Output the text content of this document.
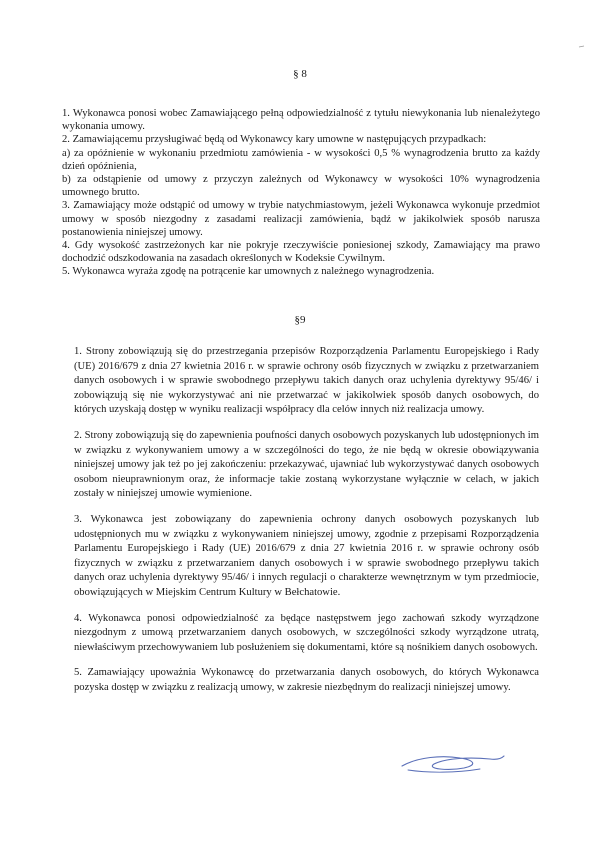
§ 8

1. Wykonawca ponosi wobec Zamawiającego pełną odpowiedzialność z tytułu niewykonania lub nienależytego wykonania umowy.

2. Zamawiającemu przysługiwać będą od Wykonawcy kary umowne w następujących przypadkach:

a) za opóźnienie w wykonaniu przedmiotu zamówienia - w wysokości 0,5 % wynagrodzenia brutto za każdy dzień opóźnienia,

b) za odstąpienie od umowy z przyczyn zależnych od Wykonawcy w wysokości 10% wynagrodzenia umownego brutto.

3. Zamawiający może odstąpić od umowy w trybie natychmiastowym, jeżeli Wykonawca wykonuje przedmiot umowy w sposób niezgodny z zasadami realizacji zamówienia, bądź w jakikolwiek sposób narusza postanowienia niniejszej umowy.

4. Gdy wysokość zastrzeżonych kar nie pokryje rzeczywiście poniesionej szkody, Zamawiający ma prawo dochodzić odszkodowania na zasadach określonych w Kodeksie Cywilnym.

5. Wykonawca wyraża zgodę na potrącenie kar umownych z należnego wynagrodzenia.

§9

1. Strony zobowiązują się do przestrzegania przepisów Rozporządzenia Parlamentu Europejskiego i Rady (UE) 2016/679 z dnia 27 kwietnia 2016 r. w sprawie ochrony osób fizycznych w związku z przetwarzaniem danych osobowych i w sprawie swobodnego przepływu takich danych oraz uchylenia dyrektywy 95/46/ i zobowiązują się nie wykorzystywać ani nie przetwarzać w jakikolwiek sposób danych osobowych, do których uzyskają dostęp w wyniku realizacji współpracy dla celów innych niż realizacja umowy.

2. Strony zobowiązują się do zapewnienia poufności danych osobowych pozyskanych lub udostępnionych im w związku z wykonywaniem umowy a w szczególności do tego, że nie będą w okresie obowiązywania niniejszej umowy jak też po jej zakończeniu: przekazywać, ujawniać lub wykorzystywać danych osobowych osobom nieuprawnionym oraz, że informacje takie zostaną wykorzystane wyłącznie w celach, w jakich zostały w niniejszej umowie wymienione.

3. Wykonawca jest zobowiązany do zapewnienia ochrony danych osobowych pozyskanych lub udostępnionych mu w związku z wykonywaniem niniejszej umowy, zgodnie z przepisami Rozporządzenia Parlamentu Europejskiego i Rady (UE) 2016/679 z dnia 27 kwietnia 2016 r. w sprawie ochrony osób fizycznych w związku z przetwarzaniem danych osobowych i w sprawie swobodnego przepływu takich danych oraz uchylenia dyrektywy 95/46/ i innych regulacji o charakterze wewnętrznym w tym przedmiocie, obowiązujących w Miejskim Centrum Kultury w Bełchatowie.

4. Wykonawca ponosi odpowiedzialność za będące następstwem jego zachowań szkody wyrządzone niezgodnym z umową przetwarzaniem danych osobowych, w szczególności szkody wyrządzone utratą, niewłaściwym przechowywaniem lub posłużeniem się dokumentami, które są nośnikiem danych osobowych.

5. Zamawiający upoważnia Wykonawcę do przetwarzania danych osobowych, do których Wykonawca pozyska dostęp w związku z realizacją umowy, w zakresie niezbędnym do realizacji niniejszej umowy.
